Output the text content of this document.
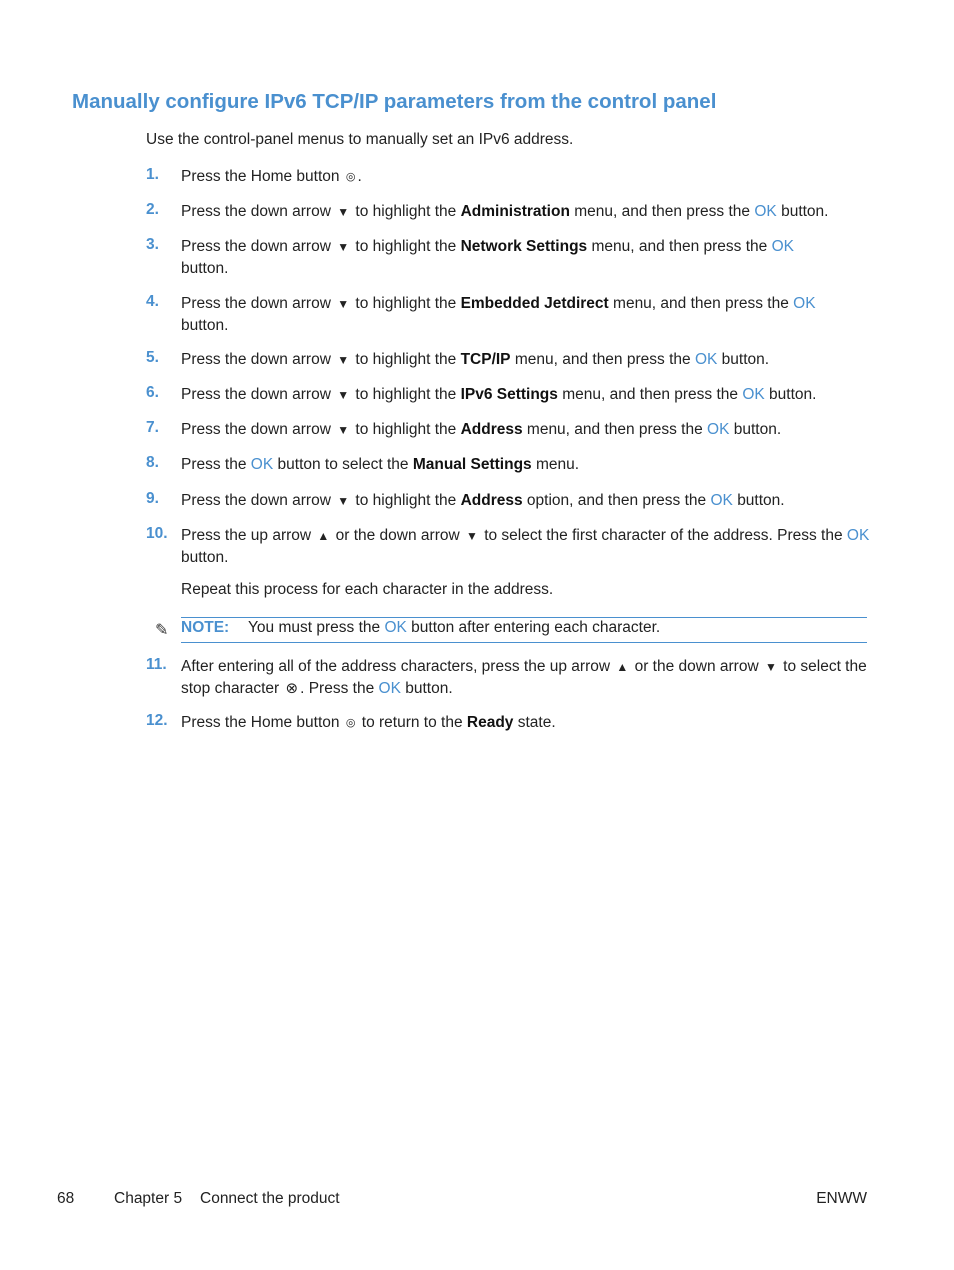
Manually configure IPv6 TCP/IP parameters from the control panel
Use the control-panel menus to manually set an IPv6 address.
1. Press the Home button ◎ .
2. Press the down arrow ▼ to highlight the Administration menu, and then press the OK button.
3. Press the down arrow ▼ to highlight the Network Settings menu, and then press the OK
button.
4. Press the down arrow ▼ to highlight the Embedded Jetdirect menu, and then press the OK
button.
5. Press the down arrow ▼ to highlight the TCP/IP menu, and then press the OK button.
6. Press the down arrow ▼ to highlight the IPv6 Settings menu, and then press the OK button.
7. Press the down arrow ▼ to highlight the Address menu, and then press the OK button.
8. Press the OK button to select the Manual Settings menu.
9. Press the down arrow ▼ to highlight the Address option, and then press the OK button.
10. Press the up arrow ▲ or the down arrow ▼ to select the first character of the address. Press the OK
button.
Repeat this process for each character in the address.
✎ NOTE: You must press the OK button after entering each character.
11. After entering all of the address characters, press the up arrow ▲ or the down arrow ▼ to select the stop character ⊗ . Press the OK button.
12. Press the Home button ◎ to return to the Ready state.
68	Chapter 5 Connect the product	ENWW
